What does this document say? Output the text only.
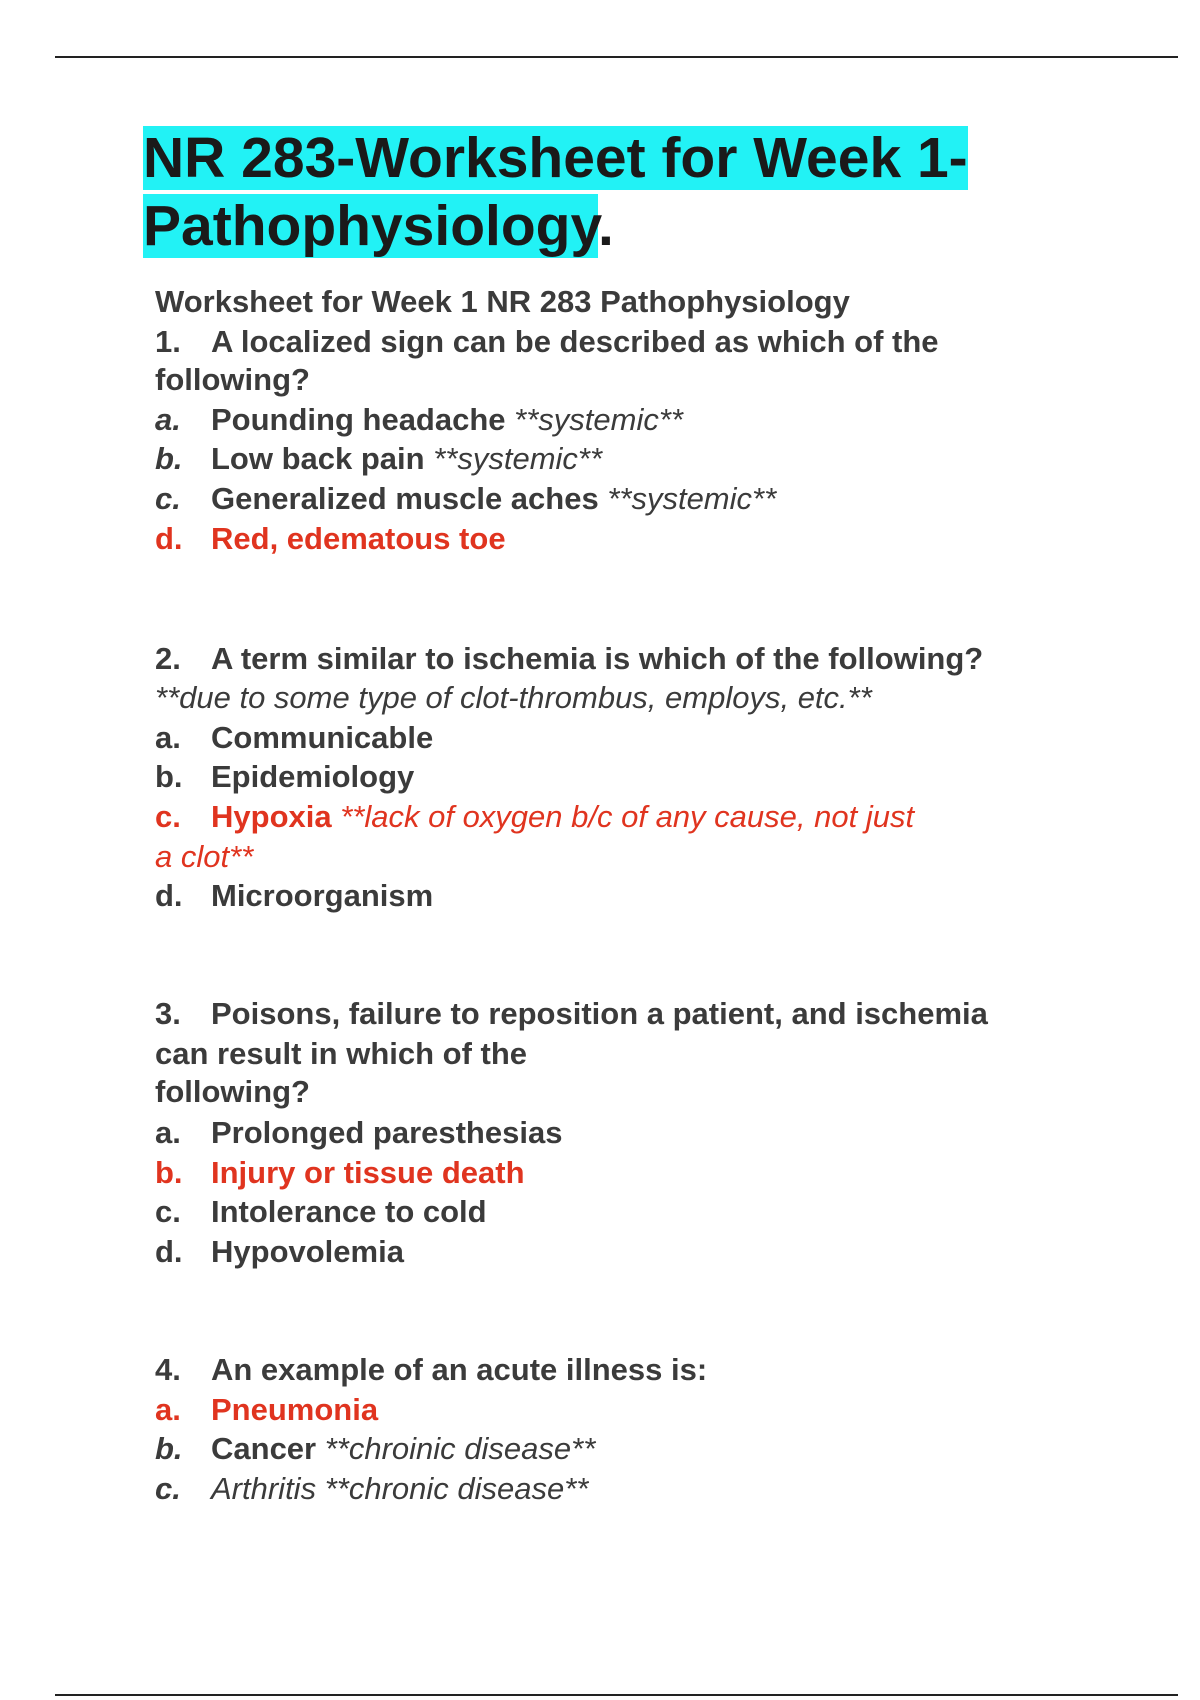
NR 283-Worksheet for Week 1-
Pathophysiology.

Worksheet for Week 1 NR 283 Pathophysiology

1. A localized sign can be described as which of the

following?

a. Pounding headache **systemic**

b. Low back pain **systemic**

c. Generalized muscle aches **systemic**

d. Red, edematous toe

2. A term similar to ischemia is which of the following?

**due to some type of clot-thrombus, employs, etc.**

a. Communicable

b. Epidemiology

c. Hypoxia **lack of oxygen b/c of any cause, not just

a clot**

d. Microorganism

3. Poisons, failure to reposition a patient, and ischemia

can result in which of the

following?

a. Prolonged paresthesias

b. Injury or tissue death

c. Intolerance to cold

d. Hypovolemia

4. An example of an acute illness is:

a. Pneumonia

b. Cancer **chroinic disease**

c. Arthritis **chronic disease**
